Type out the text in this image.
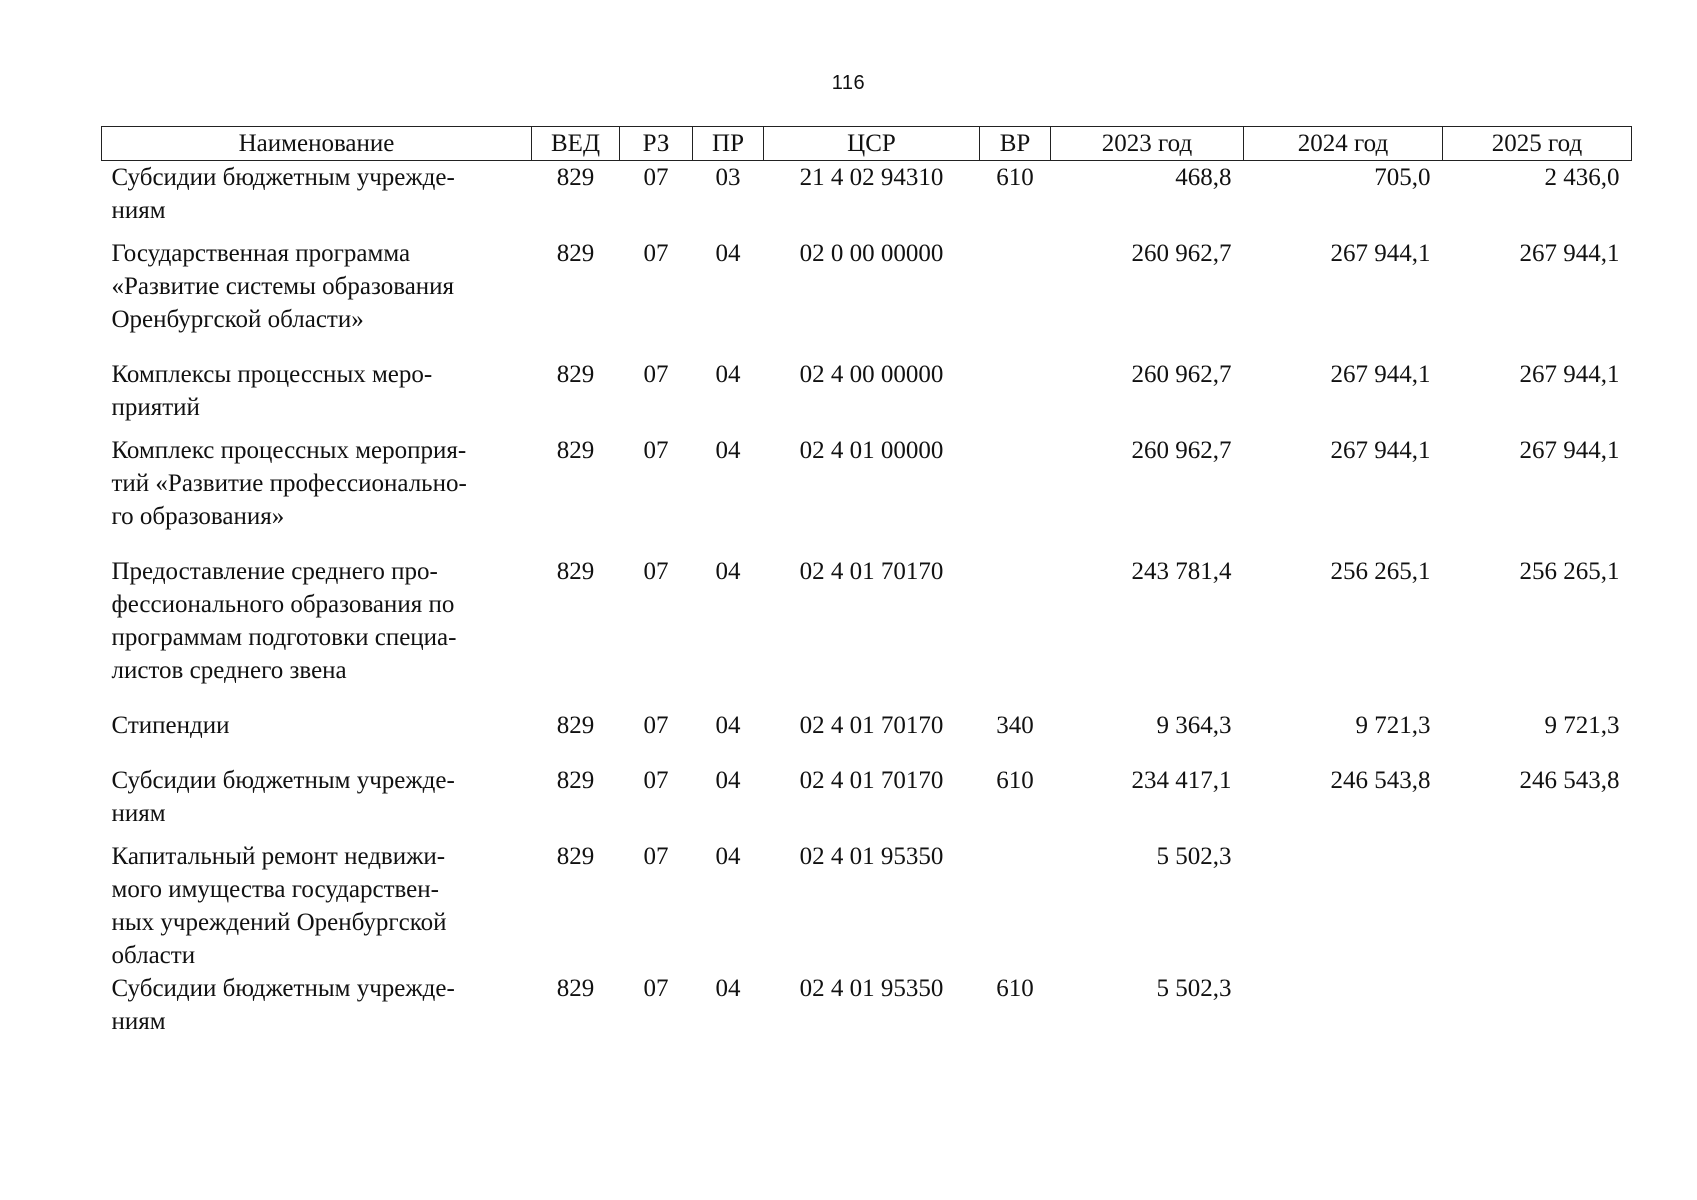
116
Наименование	ВЕД	РЗ	ПР	ЦСР	ВР	2023 год	2024 год	2025 год
Субсидии бюджетным учрежде-
ниям	829	07	03	21 4 02 94310	610	468,8	705,0	2 436,0
Государственная программа
«Развитие системы образования
Оренбургской области»	829	07	04	02 0 00 00000		260 962,7	267 944,1	267 944,1
Комплексы процессных меро-
приятий	829	07	04	02 4 00 00000		260 962,7	267 944,1	267 944,1
Комплекс процессных мероприя-
тий «Развитие профессионально-
го образования»	829	07	04	02 4 01 00000		260 962,7	267 944,1	267 944,1
Предоставление среднего про-
фессионального образования по
программам подготовки специа-
листов среднего звена	829	07	04	02 4 01 70170		243 781,4	256 265,1	256 265,1
Стипендии	829	07	04	02 4 01 70170	340	9 364,3	9 721,3	9 721,3
Субсидии бюджетным учрежде-
ниям	829	07	04	02 4 01 70170	610	234 417,1	246 543,8	246 543,8
Капитальный ремонт недвижи-
мого имущества государствен-
ных учреждений Оренбургской
области	829	07	04	02 4 01 95350		5 502,3		
Субсидии бюджетным учрежде-
ниям	829	07	04	02 4 01 95350	610	5 502,3		
